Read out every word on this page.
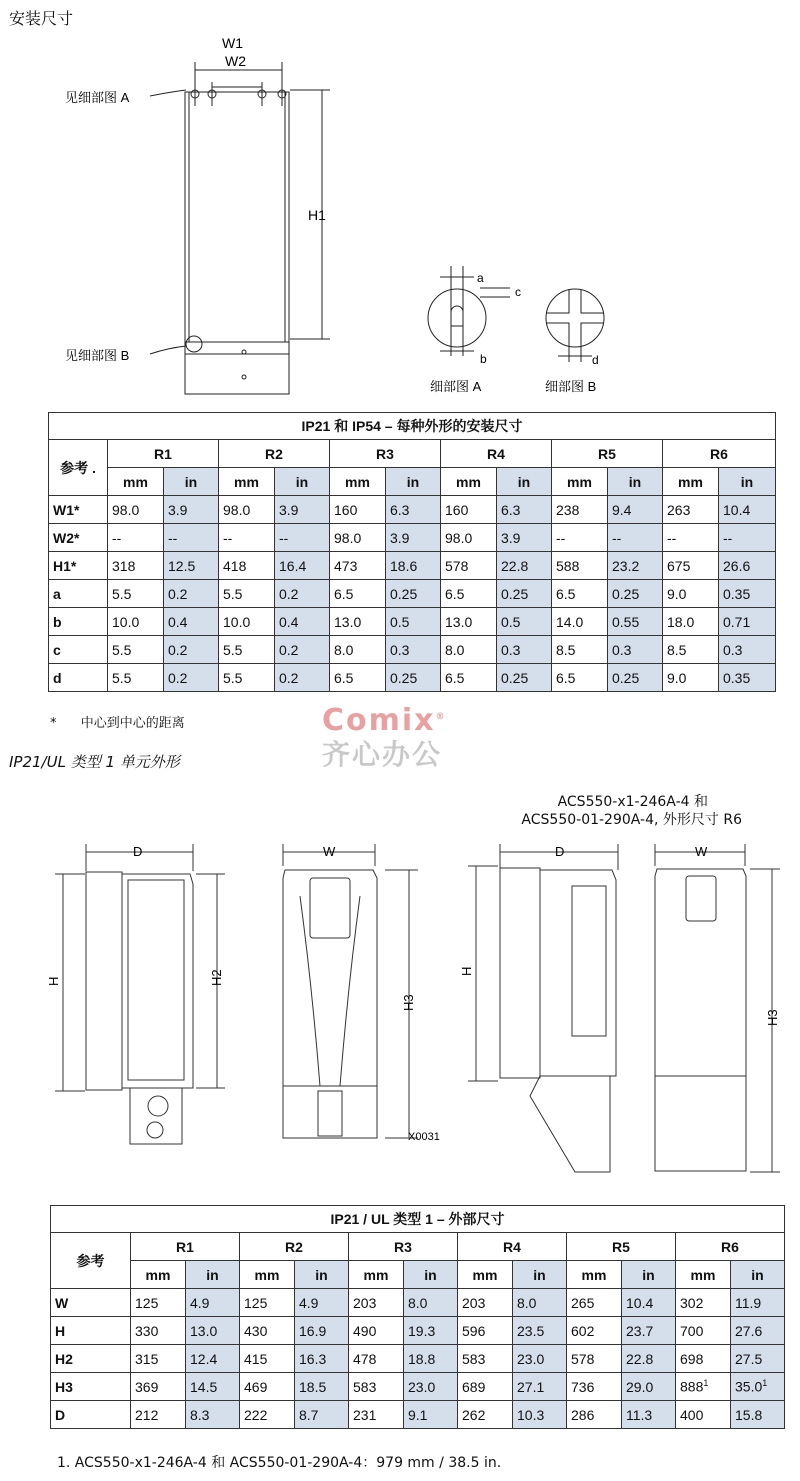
安装尺寸
W1
W2
H1
见细部图 A
见细部图 B
a
c
b	d
细部图 A	细部图 B
IP21 和 IP54 – 每种外形的安装尺寸												
参考 .	R1		R2		R3		R4		R5		R6	
	mm	in	mm	in	mm	in	mm	in	mm	in	mm	in
W1*	98.0	3.9	98.0	3.9	160	6.3	160	6.3	238	9.4	263	10.4
W2*	--	--	--	--	98.0	3.9	98.0	3.9	--	--	--	--
H1*	318	12.5	418	16.4	473	18.6	578	22.8	588	23.2	675	26.6
a	5.5	0.2	5.5	0.2	6.5	0.25	6.5	0.25	6.5	0.25	9.0	0.35
b	10.0	0.4	10.0	0.4	13.0	0.5	13.0	0.5	14.0	0.55	18.0	0.71
c	5.5	0.2	5.5	0.2	8.0	0.3	8.0	0.3	8.5	0.3	8.5	0.3
d	5.5	0.2	5.5	0.2	6.5	0.25	6.5	0.25	6.5	0.25	9.0	0.35
* 中心到中心的距离	Comix®
齐心办公
IP21/UL 类型 1 单元外形
ACS550-x1-246A-4 和
ACS550-01-290A-4, 外形尺寸 R6
D	W
H	H2
H3
X0031
D	W
H
H3
IP21 / UL 类型 1 – 外部尺寸												
参考	R1		R2		R3		R4		R5		R6	
	mm	in	mm	in	mm	in	mm	in	mm	in	mm	in
W	125	4.9	125	4.9	203	8.0	203	8.0	265	10.4	302	11.9
H	330	13.0	430	16.9	490	19.3	596	23.5	602	23.7	700	27.6
H2	315	12.4	415	16.3	478	18.8	583	23.0	578	22.8	698	27.5
H3	369	14.5	469	18.5	583	23.0	689	27.1	736	29.0	$888^1$	35.0$^1$
D	212	8.3	222	8.7	231	9.1	262	10.3	286	11.3	400	15.8
1. ACS550-x1-246A-4 和 ACS550-01-290A-4：979 mm / 38.5 in.
